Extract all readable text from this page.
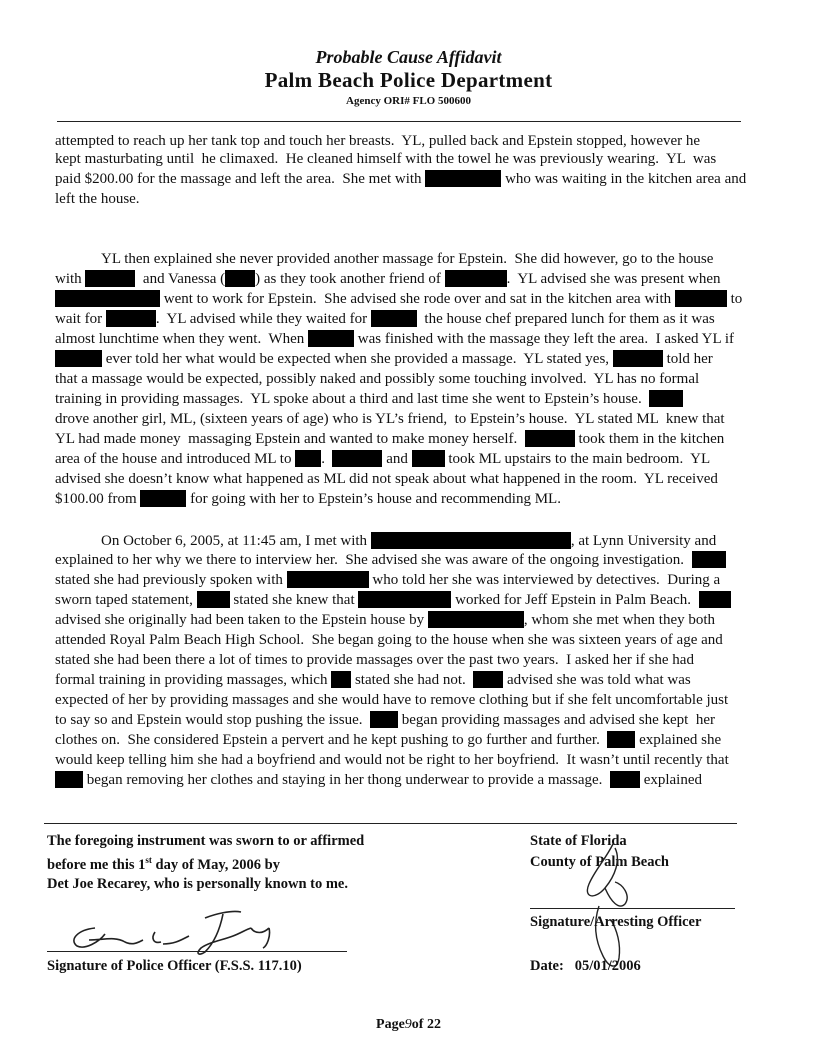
Probable Cause Affidavit
Palm Beach Police Department
Agency ORI# FLO 500600
attempted to reach up her tank top and touch her breasts.  YL, pulled back and Epstein stopped, however he
kept masturbating until  he climaxed.  He cleaned himself with the towel he was previously wearing.  YL  was
paid $200.00 for the massage and left the area.  She met with	who was waiting in the kitchen area and
left the house.
YL then explained she never provided another massage for Epstein.  She did however, go to the house
with	and Vanessa ( ) as they took another friend of	.  YL advised she was present when
went to work for Epstein.  She advised she rode over and sat in the kitchen area with	to
wait for	.  YL advised while they waited for	the house chef prepared lunch for them as it was
almost lunchtime when they went.  When	was finished with the massage they left the area.  I asked YL if
ever told her what would be expected when she provided a massage.  YL stated yes,	told her
that a massage would be expected, possibly naked and possibly some touching involved.  YL has no formal
training in providing massages.  YL spoke about a third and last time she went to Epstein’s house.
drove another girl, ML, (sixteen years of age) who is YL’s friend,  to Epstein’s house.  YL stated ML  knew that
YL had made money  massaging Epstein and wanted to make money herself.	took them in the kitchen
area of the house and introduced ML to .	and  took ML upstairs to the main bedroom.  YL
advised she doesn’t know what happened as ML did not speak about what happened in the room.  YL received
$100.00 from	for going with her to Epstein’s house and recommending ML.
On October 6, 2005, at 11:45 am, I met with	, at Lynn University and
explained to her why we there to interview her.  She advised she was aware of the ongoing investigation.
stated she had previously spoken with	who told her she was interviewed by detectives.  During a
sworn taped statement,  stated she knew that	worked for Jeff Epstein in Palm Beach.
advised she originally had been taken to the Epstein house by	, whom she met when they both
attended Royal Palm Beach High School.  She began going to the house when she was sixteen years of age and
stated she had been there a lot of times to provide massages over the past two years.  I asked her if she had
formal training in providing massages, which  stated she had not.   advised she was told what was
expected of her by providing massages and she would have to remove clothing but if she felt uncomfortable just
to say so and Epstein would stop pushing the issue.   began providing massages and advised she kept  her
clothes on.  She considered Epstein a pervert and he kept pushing to go further and further.   explained she
would keep telling him she had a boyfriend and would not be right to her boyfriend.  It wasn’t until recently that
began removing her clothes and staying in her thong underwear to provide a massage.   explained
The foregoing instrument was sworn to or affirmed
before me this 1st day of May, 2006 by
Det Joe Recarey, who is personally known to me.
Signature of Police Officer (F.S.S. 117.10)
State of Florida
County of Palm Beach
Signature/Arresting Officer
Date: 05/01/2006
Page9of 22
